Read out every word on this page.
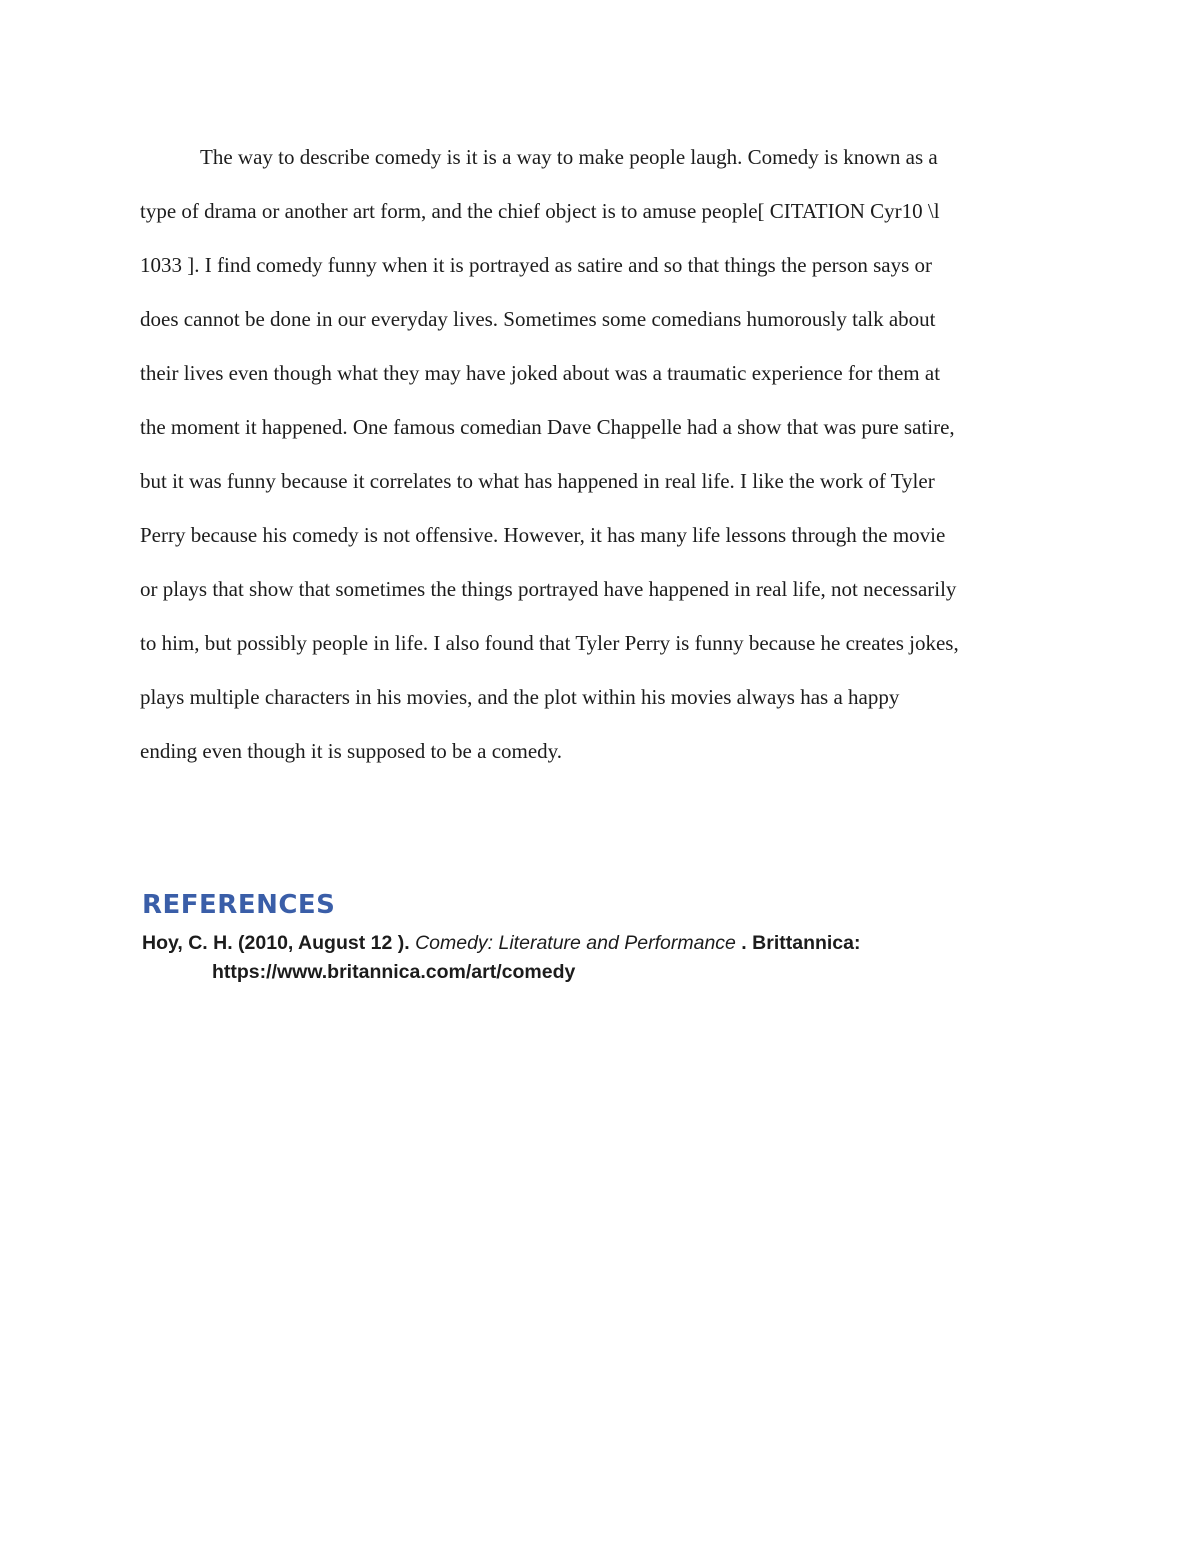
The way to describe comedy is it is a way to make people laugh. Comedy is known as a
type of drama or another art form, and the chief object is to amuse people[ CITATION Cyr10 \l
1033 ]. I find comedy funny when it is portrayed as satire and so that things the person says or
does cannot be done in our everyday lives. Sometimes some comedians humorously talk about
their lives even though what they may have joked about was a traumatic experience for them at
the moment it happened. One famous comedian Dave Chappelle had a show that was pure satire,
but it was funny because it correlates to what has happened in real life. I like the work of Tyler
Perry because his comedy is not offensive. However, it has many life lessons through the movie
or plays that show that sometimes the things portrayed have happened in real life, not necessarily
to him, but possibly people in life. I also found that Tyler Perry is funny because he creates jokes,
plays multiple characters in his movies, and the plot within his movies always has a happy
ending even though it is supposed to be a comedy.

REFERENCES

Hoy, C. H. (2010, August 12 ). Comedy: Literature and Performance . Brittannica:
https://www.britannica.com/art/comedy
